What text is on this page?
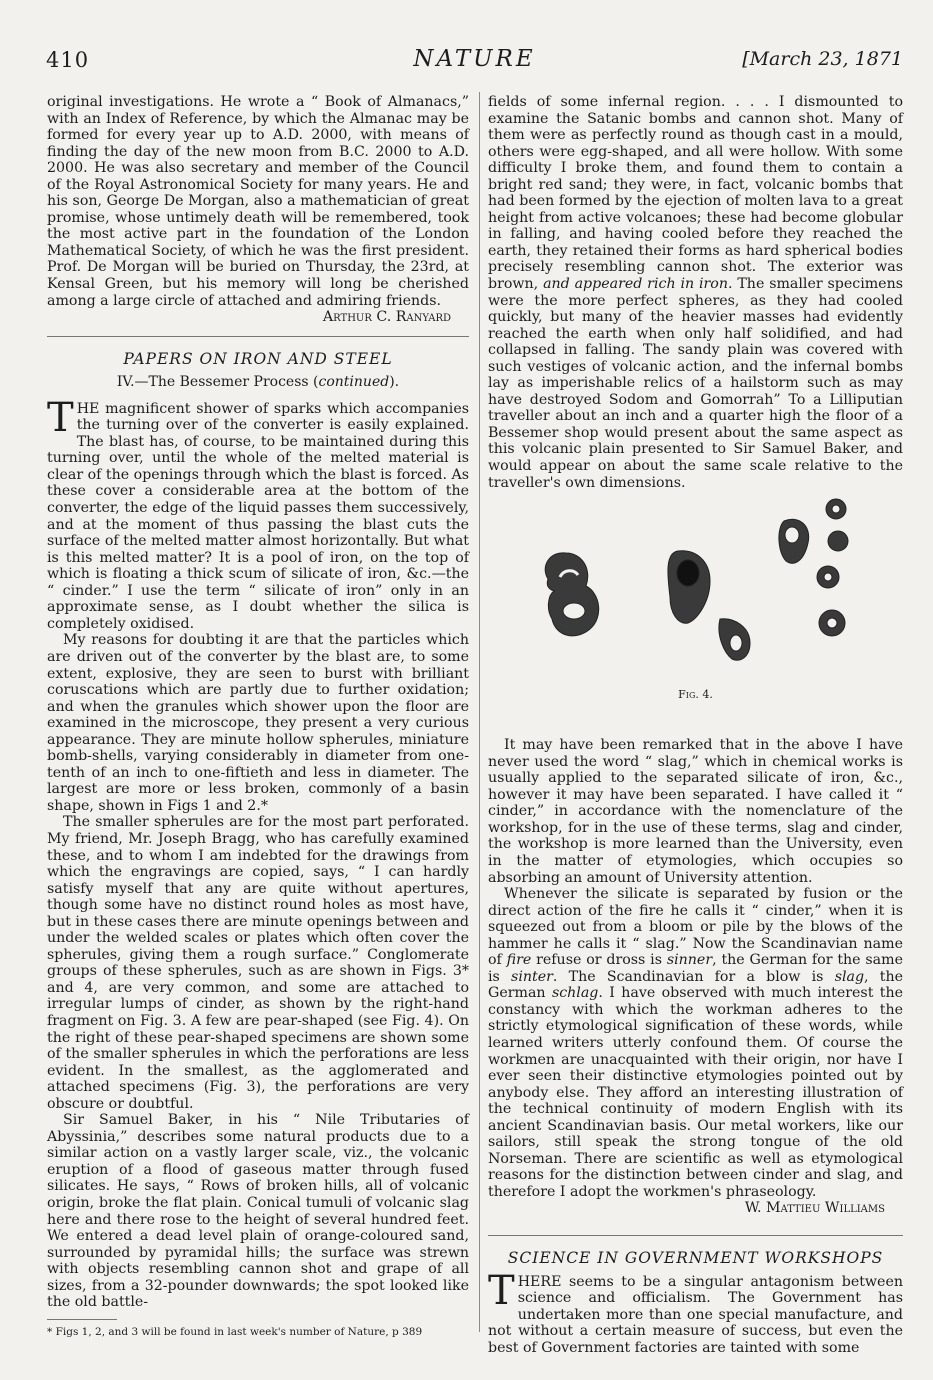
410	NATURE	[March 23, 1871

original investigations. He wrote a “ Book of Almanacs,” with an Index of Reference, by which the Almanac may be formed for every year up to A.D. 2000, with means of finding the day of the new moon from B.C. 2000 to A.D. 2000. He was also secretary and member of the Council of the Royal Astronomical Society for many years. He and his son, George De Morgan, also a mathematician of great promise, whose untimely death will be remembered, took the most active part in the foundation of the London Mathematical Society, of which he was the first president. Prof. De Morgan will be buried on Thursday, the 23rd, at Kensal Green, but his memory will long be cherished among a large circle of attached and admiring friends.

Arthur C. Ranyard

PAPERS ON IRON AND STEEL
IV.—The Bessemer Process (continued).

THE magnificent shower of sparks which accompanies the turning over of the converter is easily explained. The blast has, of course, to be maintained during this turning over, until the whole of the melted material is clear of the openings through which the blast is forced. As these cover a considerable area at the bottom of the converter, the edge of the liquid passes them successively, and at the moment of thus passing the blast cuts the surface of the melted matter almost horizontally. But what is this melted matter? It is a pool of iron, on the top of which is floating a thick scum of silicate of iron, &c.—the “ cinder.” I use the term “ silicate of iron” only in an approximate sense, as I doubt whether the silica is completely oxidised.

My reasons for doubting it are that the particles which are driven out of the converter by the blast are, to some extent, explosive, they are seen to burst with brilliant coruscations which are partly due to further oxidation; and when the granules which shower upon the floor are examined in the microscope, they present a very curious appearance. They are minute hollow spherules, miniature bomb-shells, varying considerably in diameter from one-tenth of an inch to one-fiftieth and less in diameter. The largest are more or less broken, commonly of a basin shape, shown in Figs 1 and 2.*

The smaller spherules are for the most part perforated. My friend, Mr. Joseph Bragg, who has carefully examined these, and to whom I am indebted for the drawings from which the engravings are copied, says, “ I can hardly satisfy myself that any are quite without apertures, though some have no distinct round holes as most have, but in these cases there are minute openings between and under the welded scales or plates which often cover the spherules, giving them a rough surface.” Conglomerate groups of these spherules, such as are shown in Figs. 3* and 4, are very common, and some are attached to irregular lumps of cinder, as shown by the right-hand fragment on Fig. 3. A few are pear-shaped (see Fig. 4). On the right of these pear-shaped specimens are shown some of the smaller spherules in which the perforations are less evident. In the smallest, as the agglomerated and attached specimens (Fig. 3), the perforations are very obscure or doubtful.

Sir Samuel Baker, in his “ Nile Tributaries of Abyssinia,” describes some natural products due to a similar action on a vastly larger scale, viz., the volcanic eruption of a flood of gaseous matter through fused silicates. He says, “ Rows of broken hills, all of volcanic origin, broke the flat plain. Conical tumuli of volcanic slag here and there rose to the height of several hundred feet. We entered a dead level plain of orange-coloured sand, surrounded by pyramidal hills; the surface was strewn with objects resembling cannon shot and grape of all sizes, from a 32-pounder downwards; the spot looked like the old battle-

* Figs 1, 2, and 3 will be found in last week's number of Nature, p 389

fields of some infernal region. . . . I dismounted to examine the Satanic bombs and cannon shot. Many of them were as perfectly round as though cast in a mould, others were egg-shaped, and all were hollow. With some difficulty I broke them, and found them to contain a bright red sand; they were, in fact, volcanic bombs that had been formed by the ejection of molten lava to a great height from active volcanoes; these had become globular in falling, and having cooled before they reached the earth, they retained their forms as hard spherical bodies precisely resembling cannon shot. The exterior was brown, and appeared rich in iron. The smaller specimens were the more perfect spheres, as they had cooled quickly, but many of the heavier masses had evidently reached the earth when only half solidified, and had collapsed in falling. The sandy plain was covered with such vestiges of volcanic action, and the infernal bombs lay as imperishable relics of a hailstorm such as may have destroyed Sodom and Gomorrah” To a Lilliputian traveller about an inch and a quarter high the floor of a Bessemer shop would present about the same aspect as this volcanic plain presented to Sir Samuel Baker, and would appear on about the same scale relative to the traveller's own dimensions.

Fig. 4.

It may have been remarked that in the above I have never used the word “ slag,” which in chemical works is usually applied to the separated silicate of iron, &c., however it may have been separated. I have called it “ cinder,” in accordance with the nomenclature of the workshop, for in the use of these terms, slag and cinder, the workshop is more learned than the University, even in the matter of etymologies, which occupies so absorbing an amount of University attention.

Whenever the silicate is separated by fusion or the direct action of the fire he calls it “ cinder,” when it is squeezed out from a bloom or pile by the blows of the hammer he calls it “ slag.” Now the Scandinavian name of fire refuse or dross is sinner, the German for the same is sinter. The Scandinavian for a blow is slag, the German schlag. I have observed with much interest the constancy with which the workman adheres to the strictly etymological signification of these words, while learned writers utterly confound them. Of course the workmen are unacquainted with their origin, nor have I ever seen their distinctive etymologies pointed out by anybody else. They afford an interesting illustration of the technical continuity of modern English with its ancient Scandinavian basis. Our metal workers, like our sailors, still speak the strong tongue of the old Norseman. There are scientific as well as etymological reasons for the distinction between cinder and slag, and therefore I adopt the workmen's phraseology.

W. Mattieu Williams

SCIENCE IN GOVERNMENT WORKSHOPS

THERE seems to be a singular antagonism between science and officialism. The Government has undertaken more than one special manufacture, and not without a certain measure of success, but even the best of Government factories are tainted with some
